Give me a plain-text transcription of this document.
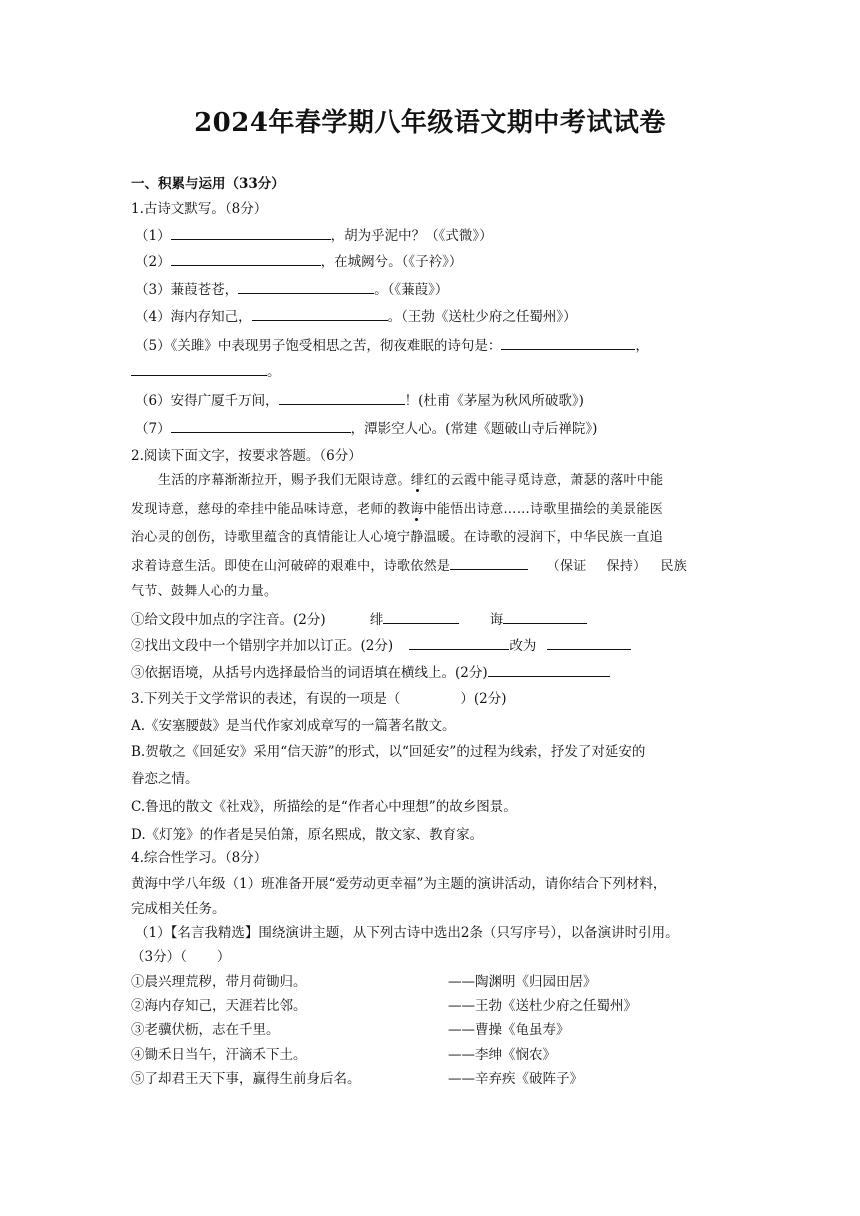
2024年春学期八年级语文期中考试试卷
一、积累与运用（33分）
1.古诗文默写。（8分）
（1）	，胡为乎泥中？（《式微》）
（2）	，在城阙兮。（《子衿》）
（3）蒹葭苍苍，	。（《蒹葭》）
（4）海内存知己，	。（王勃《送杜少府之任蜀州》）
（5）《关雎》中表现男子饱受相思之苦，彻夜难眠的诗句是：	，
。
（6）安得广厦千万间，	！(杜甫《茅屋为秋风所破歌》)
（7）	，潭影空人心。(常建《题破山寺后禅院》)
2.阅读下面文字，按要求答题。（6分）
生活的序幕渐渐拉开，赐予我们无限诗意。绯红的云霞中能寻觅诗意，萧瑟的落叶中能
发现诗意，慈母的牵挂中能品味诗意，老师的教诲中能悟出诗意……诗歌里描绘的美景能医
治心灵的创伤，诗歌里蕴含的真情能让人心境宁静温暖。在诗歌的浸润下，中华民族一直追
求着诗意生活。即使在山河破碎的艰难中，诗歌依然是	（保证 保持） 民族
气节、鼓舞人心的力量。
①给文段中加点的字注音。(2分)	绯	诲
②找出文段中一个错别字并加以订正。(2分)	改为
③依据语境，从括号内选择最恰当的词语填在横线上。(2分)
3.下列关于文学常识的表述，有误的一项是（	）(2分)
A.《安塞腰鼓》是当代作家刘成章写的一篇著名散文。
B.贺敬之《回延安》采用“信天游”的形式，以“回延安”的过程为线索，抒发了对延安的
眷恋之情。
C.鲁迅的散文《社戏》，所描绘的是“作者心中理想”的故乡图景。
D.《灯笼》的作者是吴伯箫，原名熙成，散文家、教育家。
4.综合性学习。（8分）
黄海中学八年级（1）班准备开展“爱劳动更幸福”为主题的演讲活动，请你结合下列材料，
完成相关任务。
（1）【名言我精选】围绕演讲主题，从下列古诗中选出2条（只写序号），以备演讲时引用。
（3分）（ ）
①晨兴理荒秽，带月荷锄归。	——陶渊明《归园田居》
②海内存知己，天涯若比邻。	——王勃《送杜少府之任蜀州》
③老骥伏枥，志在千里。	——曹操《龟虽寿》
④锄禾日当午，汗滴禾下土。	——李绅《悯农》
⑤了却君王天下事，赢得生前身后名。	——辛弃疾《破阵子》
